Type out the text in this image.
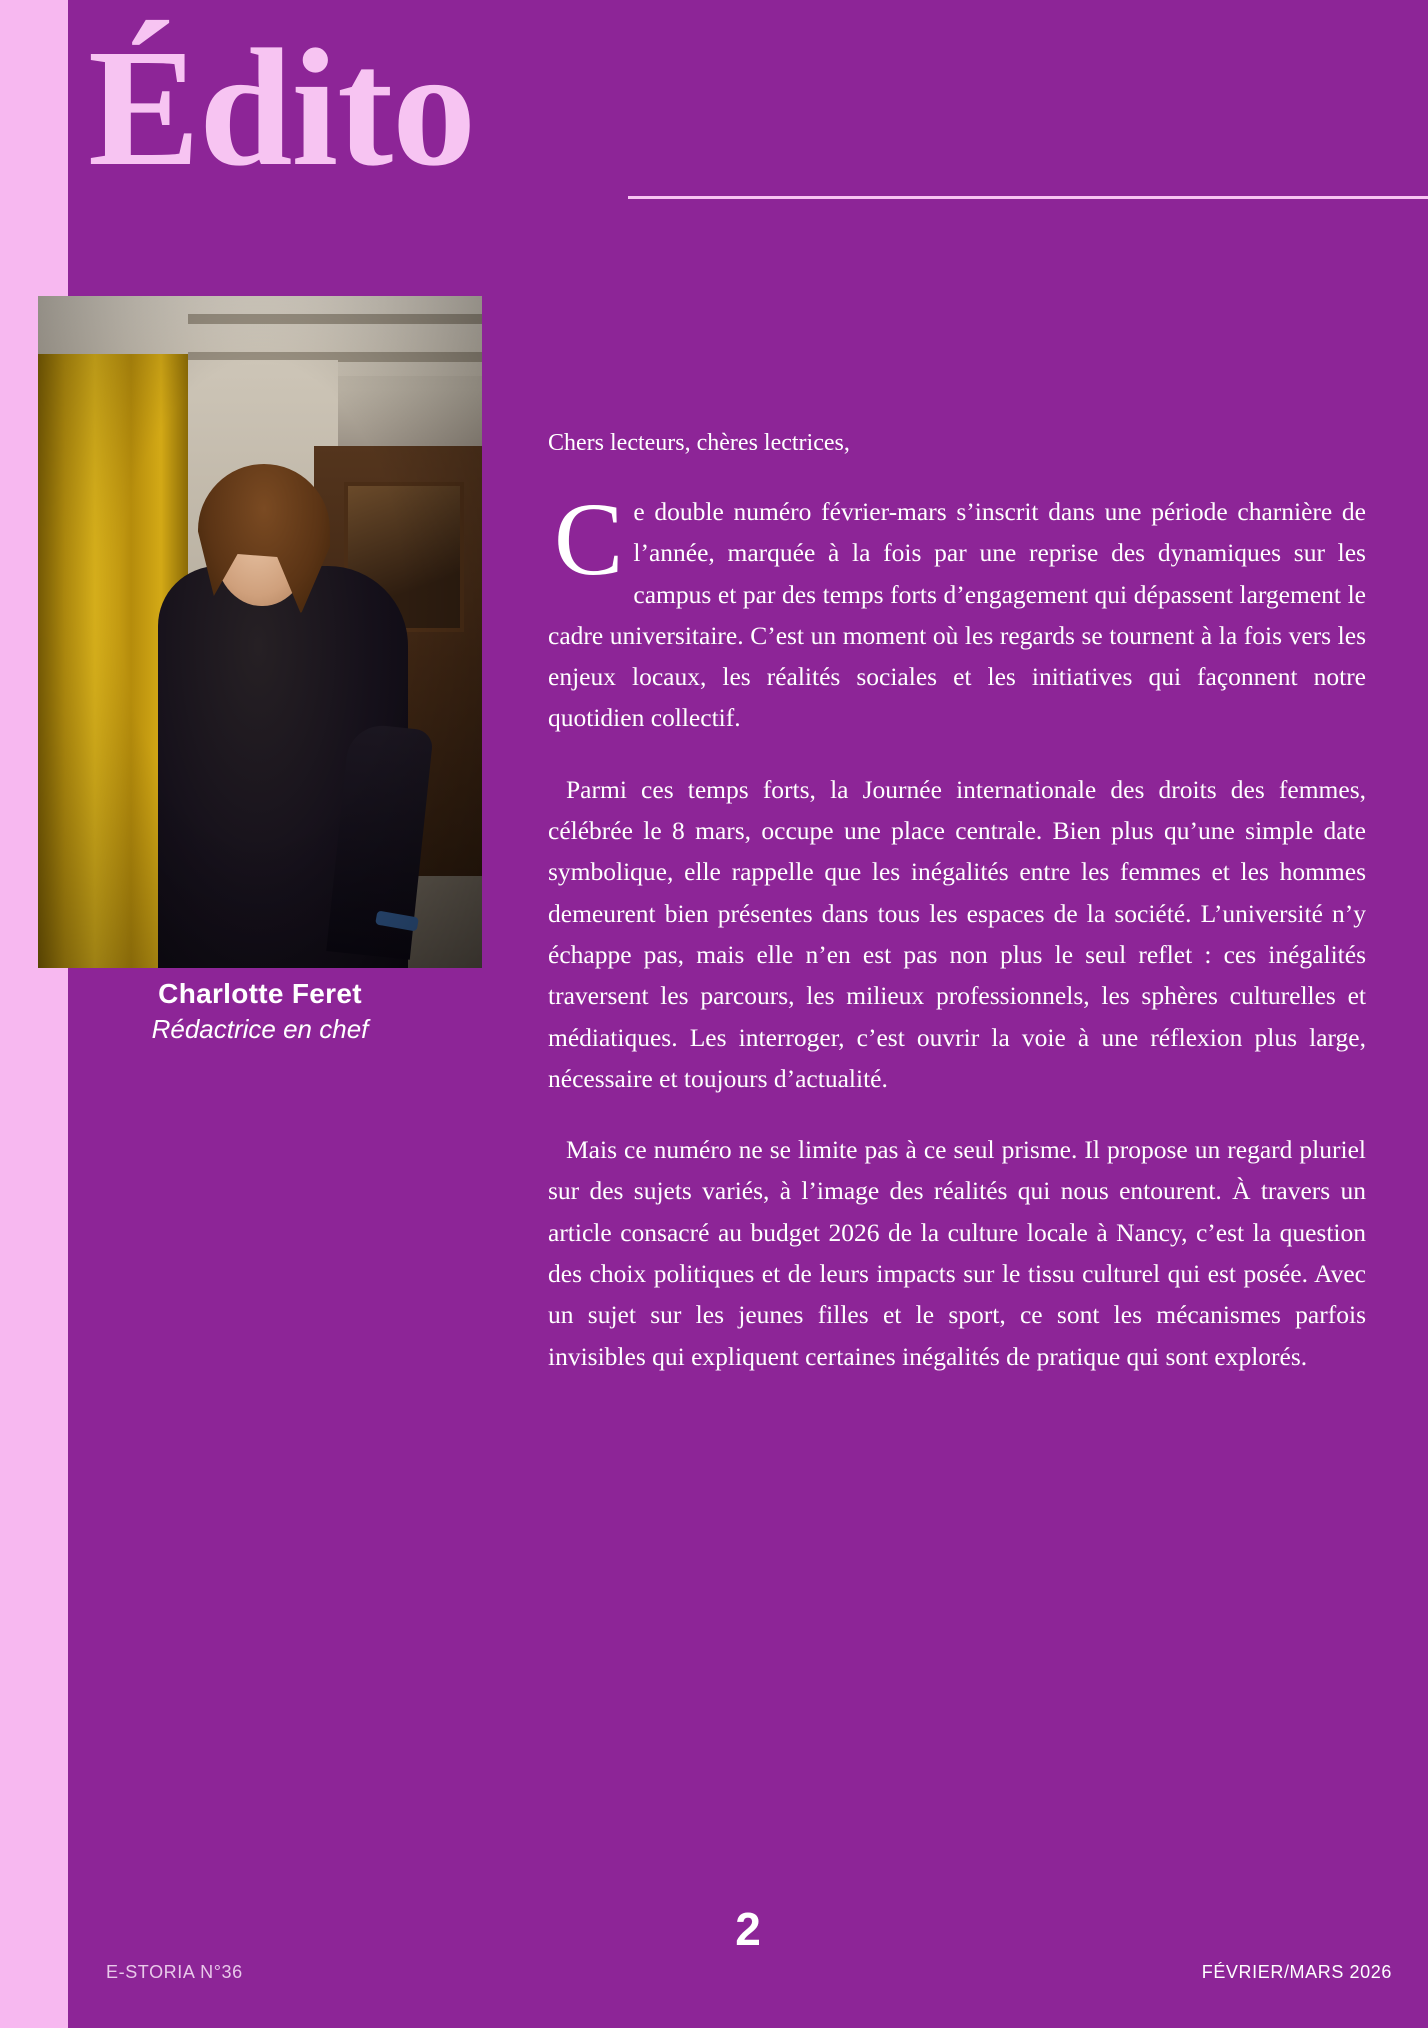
Édito
Charlotte Feret
Rédactrice en chef
Chers lecteurs, chères lectrices,

Ce double numéro février-mars s’inscrit dans une période charnière de l’année, marquée à la fois par une reprise des dynamiques sur les campus et par des temps forts d’engagement qui dépassent largement le cadre universitaire. C’est un moment où les regards se tournent à la fois vers les enjeux locaux, les réalités sociales et les initiatives qui façonnent notre quotidien collectif.

Parmi ces temps forts, la Journée internationale des droits des femmes, célébrée le 8 mars, occupe une place centrale. Bien plus qu’une simple date symbolique, elle rappelle que les inégalités entre les femmes et les hommes demeurent bien présentes dans tous les espaces de la société. L’université n’y échappe pas, mais elle n’en est pas non plus le seul reflet : ces inégalités traversent les parcours, les milieux professionnels, les sphères culturelles et médiatiques. Les interroger, c’est ouvrir la voie à une réflexion plus large, nécessaire et toujours d’actualité.

Mais ce numéro ne se limite pas à ce seul prisme. Il propose un regard pluriel sur des sujets variés, à l’image des réalités qui nous entourent. À travers un article consacré au budget 2026 de la culture locale à Nancy, c’est la question des choix politiques et de leurs impacts sur le tissu culturel qui est posée. Avec un sujet sur les jeunes filles et le sport, ce sont les mécanismes parfois invisibles qui expliquent certaines inégalités de pratique qui sont explorés.

2
E-STORIA N°36	FÉVRIER/MARS 2026
